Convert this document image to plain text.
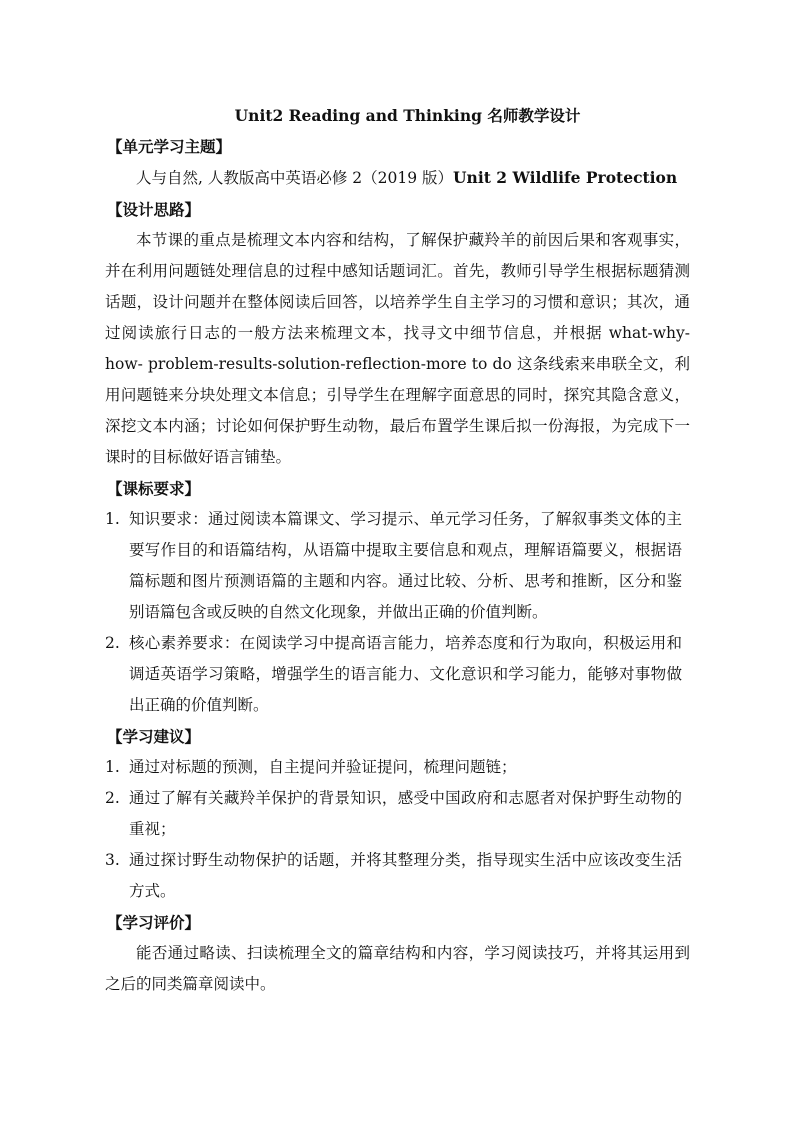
Unit2 Reading and Thinking 名师教学设计
【单元学习主题】
人与自然, 人教版高中英语必修 2（2019 版）Unit 2 Wildlife Protection
【设计思路】

本节课的重点是梳理文本内容和结构，了解保护藏羚羊的前因后果和客观事实，并在利用问题链处理信息的过程中感知话题词汇。首先，教师引导学生根据标题猜测话题，设计问题并在整体阅读后回答，以培养学生自主学习的习惯和意识；其次，通过阅读旅行日志的一般方法来梳理文本，找寻文中细节信息，并根据 what-why-how- problem-results-solution-reflection-more to do 这条线索来串联全文，利用问题链来分块处理文本信息；引导学生在理解字面意思的同时，探究其隐含意义，深挖文本内涵；讨论如何保护野生动物，最后布置学生课后拟一份海报，为完成下一课时的目标做好语言铺垫。

【课标要求】
1. 知识要求：通过阅读本篇课文、学习提示、单元学习任务，了解叙事类文体的主要写作目的和语篇结构，从语篇中提取主要信息和观点，理解语篇要义，根据语篇标题和图片预测语篇的主题和内容。通过比较、分析、思考和推断，区分和鉴别语篇包含或反映的自然文化现象，并做出正确的价值判断。
2. 核心素养要求：在阅读学习中提高语言能力，培养态度和行为取向，积极运用和调适英语学习策略，增强学生的语言能力、文化意识和学习能力，能够对事物做出正确的价值判断。
【学习建议】
1. 通过对标题的预测，自主提问并验证提问，梳理问题链；
2. 通过了解有关藏羚羊保护的背景知识，感受中国政府和志愿者对保护野生动物的重视；
3. 通过探讨野生动物保护的话题，并将其整理分类，指导现实生活中应该改变生活方式。
【学习评价】

能否通过略读、扫读梳理全文的篇章结构和内容，学习阅读技巧，并将其运用到之后的同类篇章阅读中。
